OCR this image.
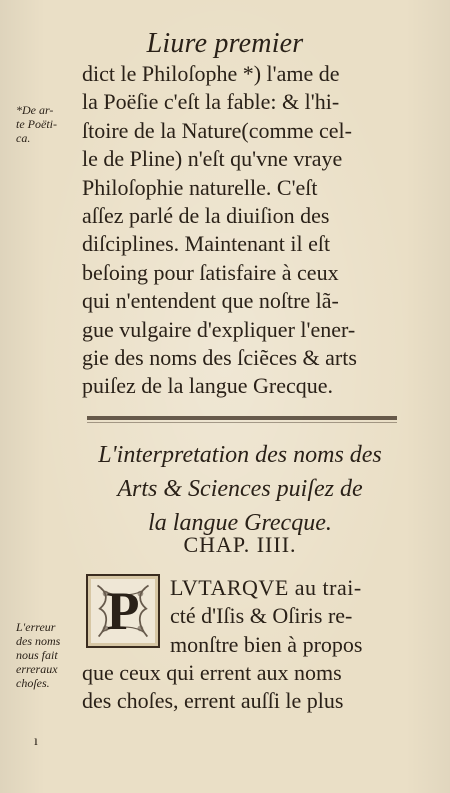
Liure premier
*De ar-
te Poëti-
ca.
dict le Philoſophe *) l'ame de
la Poëſie c'eſt la fable: & l'hi-
ſtoire de la Nature(comme cel-
le de Pline) n'eſt qu'vne vraye
Philoſophie naturelle. C'eſt
aſſez parlé de la diuiſion des
diſciplines. Maintenant il eſt
beſoing pour ſatisfaire à ceux
qui n'entendent que noſtre lã-
gue vulgaire d'expliquer l'ener-
gie des noms des ſciẽces & arts
puiſez de la langue Grecque.
L'interpretation des noms des
Arts & Sciences puiſez de
la langue Grecque.
CHAP. IIII.
L'erreur
des noms
nous fait
erreraux
choſes.
P LVTARQVE au trai-
cté d'Iſis & Oſiris re-
monſtre bien à propos
que ceux qui errent aux noms
des choſes, errent auſſi le plus
ı
